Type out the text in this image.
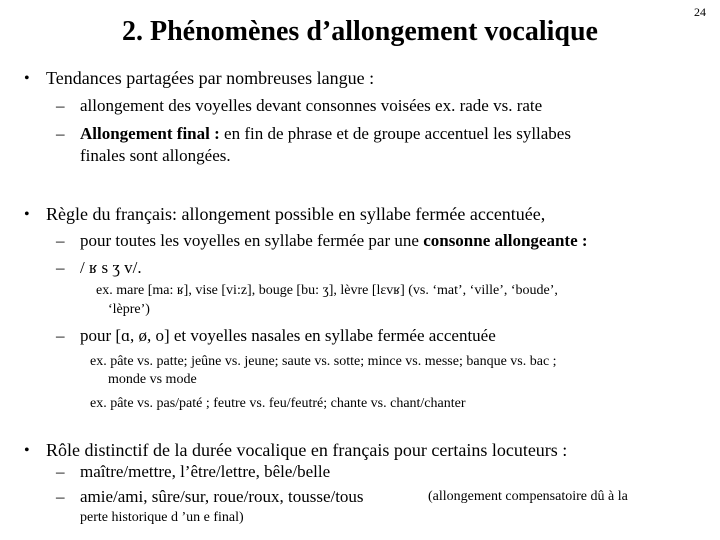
24
2. Phénomènes d’allongement vocalique
• Tendances partagées par nombreuses langue :
– allongement des voyelles devant consonnes voisées ex. rade vs. rate
– Allongement final : en fin de phrase et de groupe accentuel les syllabes
finales sont allongées.
• Règle du français: allongement possible en syllabe fermée accentuée,
– pour toutes les voyelles en syllabe fermée par une consonne allongeante :
– / ʁ s ʒ v/.
ex. mare [ma: ʁ], vise [vi:z], bouge [bu: ʒ], lèvre [lɛvʁ] (vs. ‘mat’, ‘ville’, ‘boude’,
‘lèpre’)
– pour [ɑ, ø, o] et voyelles nasales en syllabe fermée accentuée
ex. pâte vs. patte; jeûne vs. jeune; saute vs. sotte; mince vs. messe; banque vs. bac ;
monde vs mode
ex. pâte vs. pas/paté ; feutre vs. feu/feutré; chante vs. chant/chanter
• Rôle distinctif de la durée vocalique en français pour certains locuteurs :
– maître/mettre, l’être/lettre, bêle/belle
– amie/ami, sûre/sur, roue/roux, tousse/tous	(allongement compensatoire dû à la
perte historique d ’un e final)
